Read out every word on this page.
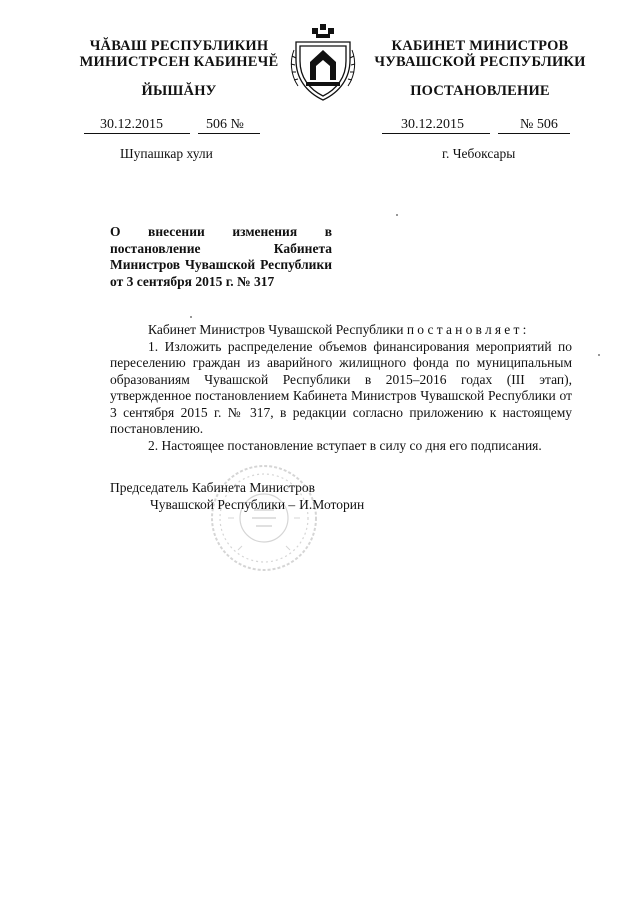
ЧĂВАШ РЕСПУБЛИКИН
МИНИСТРСЕН КАБИНЕЧĔ
ЙЫШĂНУ
КАБИНЕТ МИНИСТРОВ
ЧУВАШСКОЙ РЕСПУБЛИКИ
ПОСТАНОВЛЕНИЕ
30.12.2015	506 №	30.12.2015	№ 506
Шупашкар хули	г. Чебоксары
О внесении изменения в постановление Кабинета Министров Чувашской Республики от 3 сентября 2015 г. № 317

Кабинет Министров Чувашской Республики постановляет:

1. Изложить распределение объемов финансирования мероприятий по переселению граждан из аварийного жилищного фонда по муниципальным образованиям Чувашской Республики в 2015–2016 годах (III этап), утвержденное постановлением Кабинета Министров Чувашской Республики от 3 сентября 2015 г. № 317, в редакции согласно приложению к настоящему постановлению.

2. Настоящее постановление вступает в силу со дня его подписания.

Председатель Кабинета Министров
Чувашской Республики – И.Моторин
